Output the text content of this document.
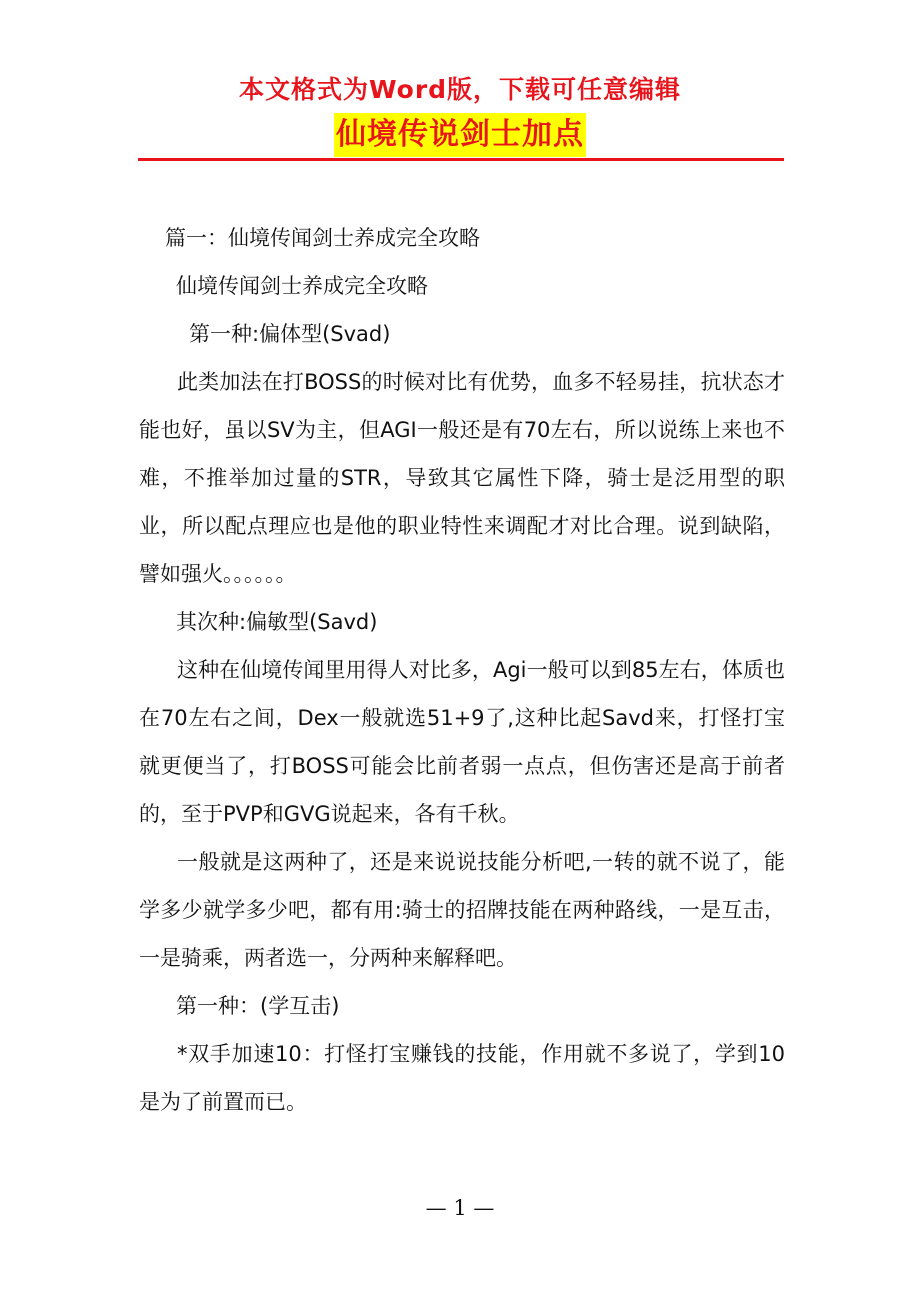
本文格式为Word版，下载可任意编辑
仙境传说剑士加点

篇一：仙境传闻剑士养成完全攻略

仙境传闻剑士养成完全攻略

第一种:偏体型(Svad)

此类加法在打BOSS的时候对比有优势，血多不轻易挂，抗状态才能也好，虽以SV为主，但AGI一般还是有70左右，所以说练上来也不难，不推举加过量的STR，导致其它属性下降，骑士是泛用型的职业，所以配点理应也是他的职业特性来调配才对比合理。说到缺陷，譬如强火。。。。。。

其次种:偏敏型(Savd)

这种在仙境传闻里用得人对比多，Agi一般可以到85左右，体质也在70左右之间，Dex一般就选51+9了,这种比起Savd来，打怪打宝就更便当了，打BOSS可能会比前者弱一点点，但伤害还是高于前者的，至于PVP和GVG说起来，各有千秋。

一般就是这两种了，还是来说说技能分析吧,一转的就不说了，能学多少就学多少吧，都有用:骑士的招牌技能在两种路线，一是互击，一是骑乘，两者选一，分两种来解释吧。

第一种：(学互击)

*双手加速10：打怪打宝赚钱的技能，作用就不多说了，学到10是为了前置而已。

— 1 —
